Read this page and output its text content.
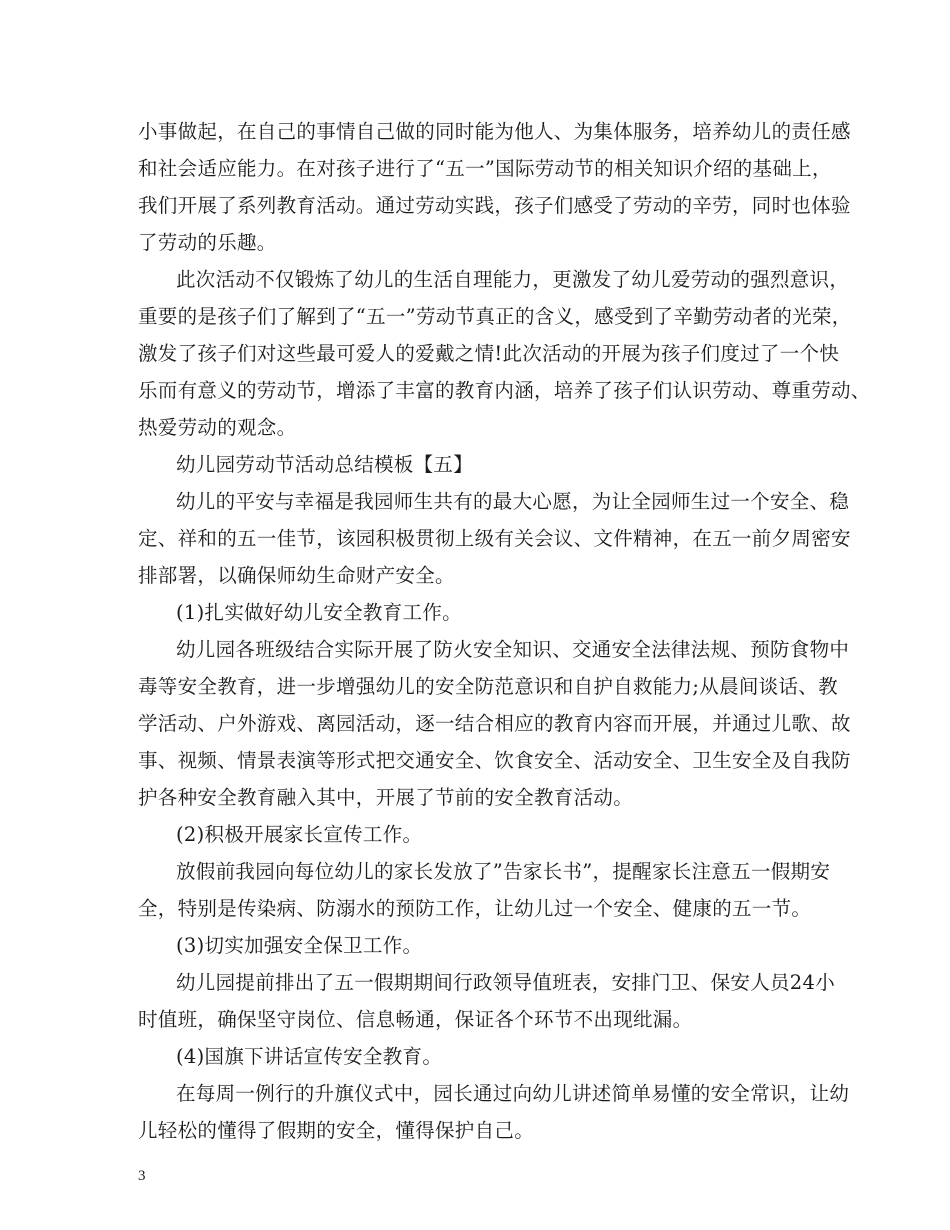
小事做起，在自己的事情自己做的同时能为他人、为集体服务，培养幼儿的责任感
和社会适应能力。在对孩子进行了“五一”国际劳动节的相关知识介绍的基础上，
我们开展了系列教育活动。通过劳动实践，孩子们感受了劳动的辛劳，同时也体验
了劳动的乐趣。
此次活动不仅锻炼了幼儿的生活自理能力，更激发了幼儿爱劳动的强烈意识，
重要的是孩子们了解到了“五一”劳动节真正的含义，感受到了辛勤劳动者的光荣，
激发了孩子们对这些最可爱人的爱戴之情!此次活动的开展为孩子们度过了一个快
乐而有意义的劳动节，增添了丰富的教育内涵，培养了孩子们认识劳动、尊重劳动、
热爱劳动的观念。
幼儿园劳动节活动总结模板【五】
幼儿的平安与幸福是我园师生共有的最大心愿，为让全园师生过一个安全、稳
定、祥和的五一佳节，该园积极贯彻上级有关会议、文件精神，在五一前夕周密安
排部署，以确保师幼生命财产安全。
(1)扎实做好幼儿安全教育工作。
幼儿园各班级结合实际开展了防火安全知识、交通安全法律法规、预防食物中
毒等安全教育，进一步增强幼儿的安全防范意识和自护自救能力;从晨间谈话、教
学活动、户外游戏、离园活动，逐一结合相应的教育内容而开展，并通过儿歌、故
事、视频、情景表演等形式把交通安全、饮食安全、活动安全、卫生安全及自我防
护各种安全教育融入其中，开展了节前的安全教育活动。
(2)积极开展家长宣传工作。
放假前我园向每位幼儿的家长发放了”告家长书”，提醒家长注意五一假期安
全，特别是传染病、防溺水的预防工作，让幼儿过一个安全、健康的五一节。
(3)切实加强安全保卫工作。
幼儿园提前排出了五一假期期间行政领导值班表，安排门卫、保安人员24小
时值班，确保坚守岗位、信息畅通，保证各个环节不出现纰漏。
(4)国旗下讲话宣传安全教育。
在每周一例行的升旗仪式中，园长通过向幼儿讲述简单易懂的安全常识，让幼
儿轻松的懂得了假期的安全，懂得保护自己。
3
